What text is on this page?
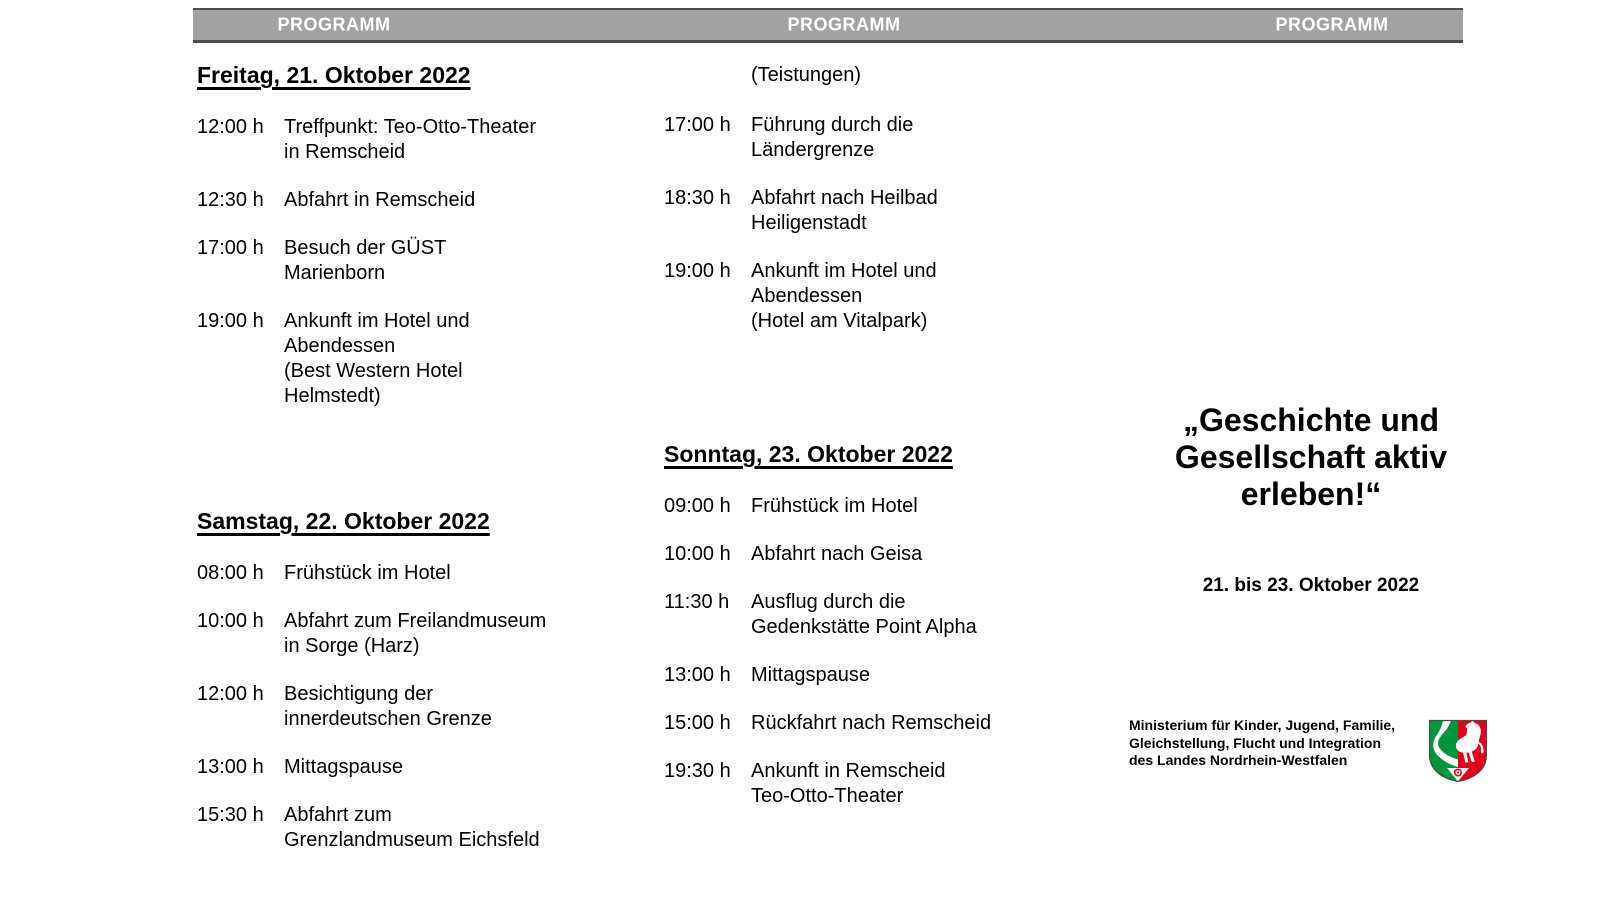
PROGRAMM	PROGRAMM	PROGRAMM
Freitag, 21. Oktober 2022
12:00 h	Treffpunkt: Teo-Otto-Theater
in Remscheid
12:30 h	Abfahrt in Remscheid
17:00 h	Besuch der GÜST
Marienborn
19:00 h	Ankunft im Hotel und
Abendessen
(Best Western Hotel
Helmstedt)
Samstag, 22. Oktober 2022
08:00 h	Frühstück im Hotel
10:00 h	Abfahrt zum Freilandmuseum
in Sorge (Harz)
12:00 h	Besichtigung der
innerdeutschen Grenze
13:00 h	Mittagspause
15:30 h	Abfahrt zum
Grenzlandmuseum Eichsfeld
(Teistungen)
17:00 h	Führung durch die
Ländergrenze
18:30 h	Abfahrt nach Heilbad
Heiligenstadt
19:00 h	Ankunft im Hotel und
Abendessen
(Hotel am Vitalpark)
Sonntag, 23. Oktober 2022
09:00 h	Frühstück im Hotel
10:00 h	Abfahrt nach Geisa
11:30 h	Ausflug durch die
Gedenkstätte Point Alpha
13:00 h	Mittagspause
15:00 h	Rückfahrt nach Remscheid
19:30 h	Ankunft in Remscheid
Teo-Otto-Theater
„Geschichte und
Gesellschaft aktiv
erleben!“
21. bis 23. Oktober 2022
Ministerium für Kinder, Jugend, Familie,
Gleichstellung, Flucht und Integration
des Landes Nordrhein-Westfalen
